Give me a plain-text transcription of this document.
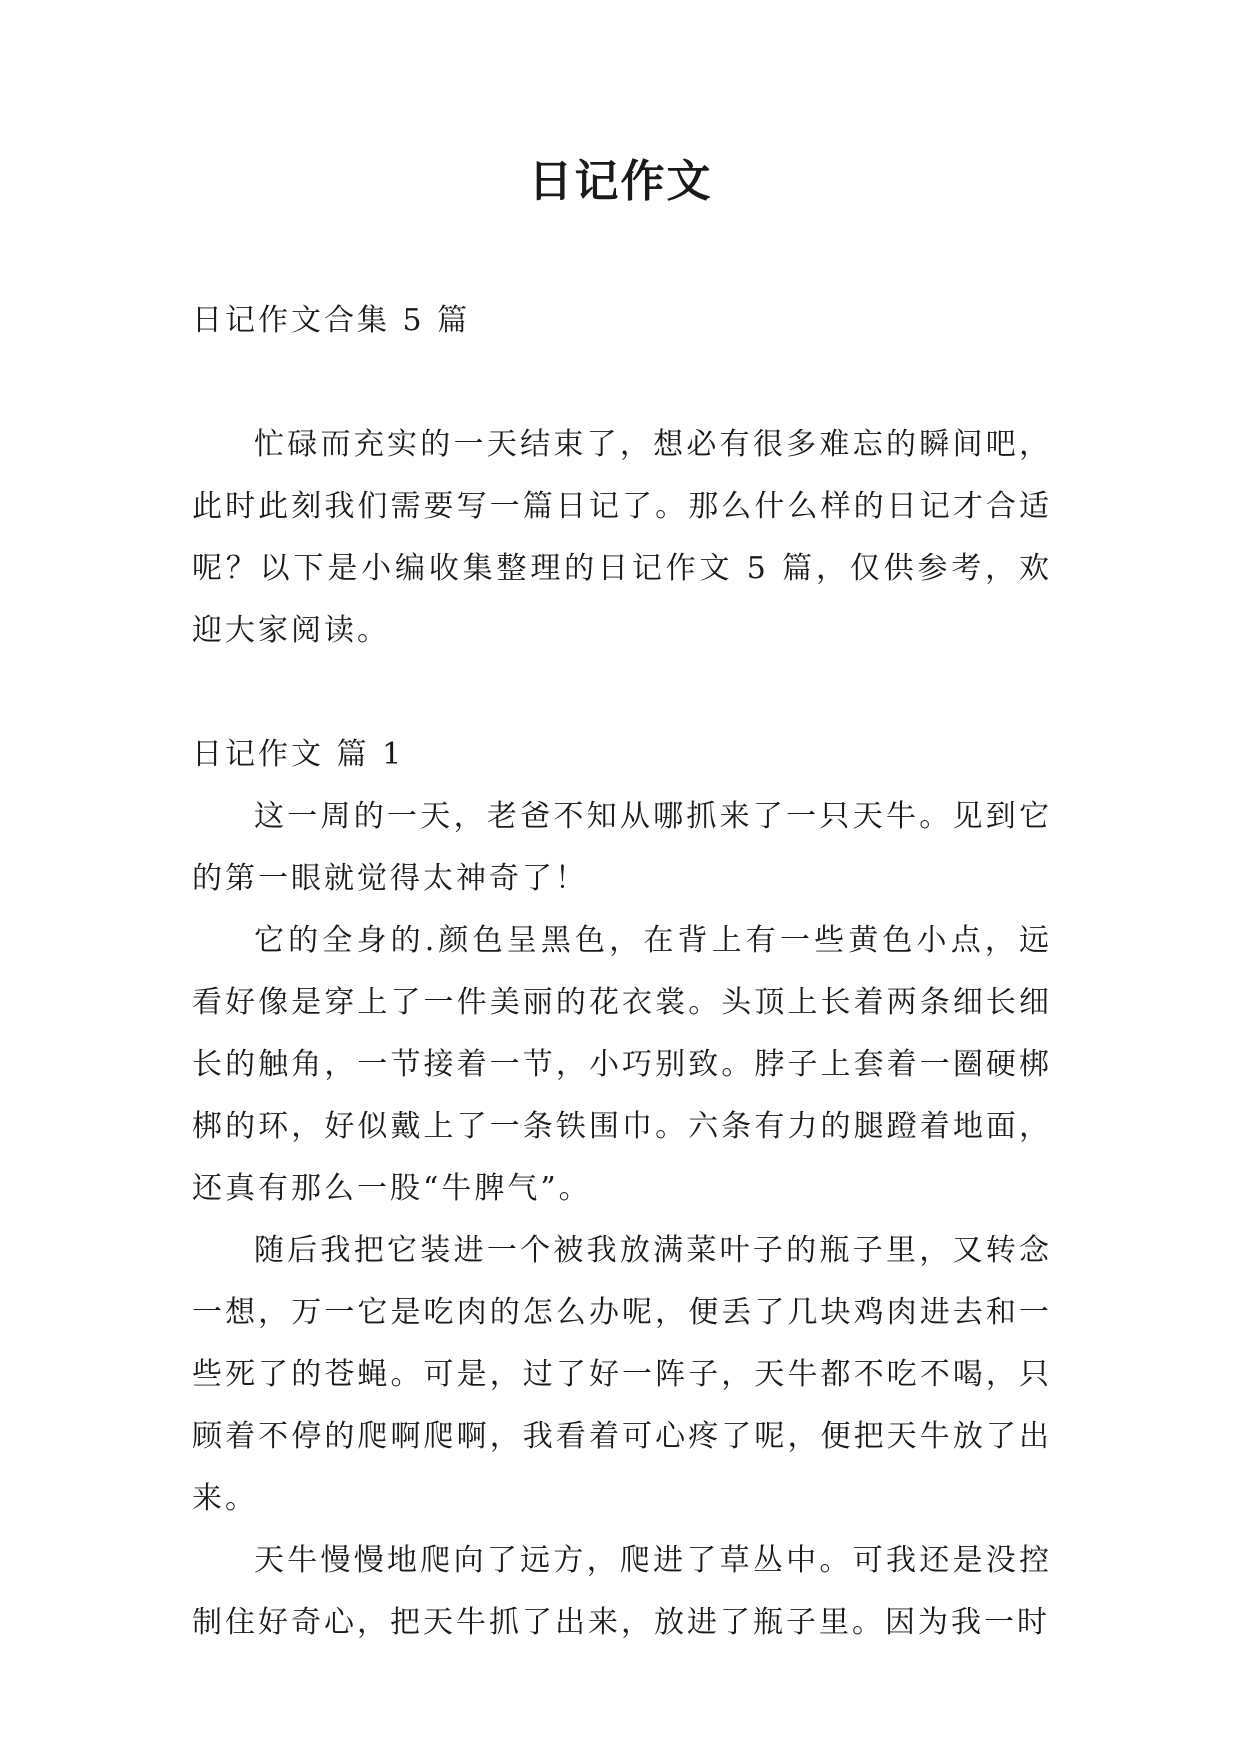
日记作文

日记作文合集 5 篇

忙碌而充实的一天结束了，想必有很多难忘的瞬间吧，此时此刻我们需要写一篇日记了。那么什么样的日记才合适呢？以下是小编收集整理的日记作文 5 篇，仅供参考，欢迎大家阅读。

日记作文 篇 1

这一周的一天，老爸不知从哪抓来了一只天牛。见到它的第一眼就觉得太神奇了！

它的全身的.颜色呈黑色，在背上有一些黄色小点，远看好像是穿上了一件美丽的花衣裳。头顶上长着两条细长细长的触角，一节接着一节，小巧别致。脖子上套着一圈硬梆梆的环，好似戴上了一条铁围巾。六条有力的腿蹬着地面，还真有那么一股“牛脾气”。

随后我把它装进一个被我放满菜叶子的瓶子里，又转念一想，万一它是吃肉的怎么办呢，便丢了几块鸡肉进去和一些死了的苍蝇。可是，过了好一阵子，天牛都不吃不喝，只顾着不停的爬啊爬啊，我看着可心疼了呢，便把天牛放了出来。

天牛慢慢地爬向了远方，爬进了草丛中。可我还是没控制住好奇心，把天牛抓了出来，放进了瓶子里。因为我一时
